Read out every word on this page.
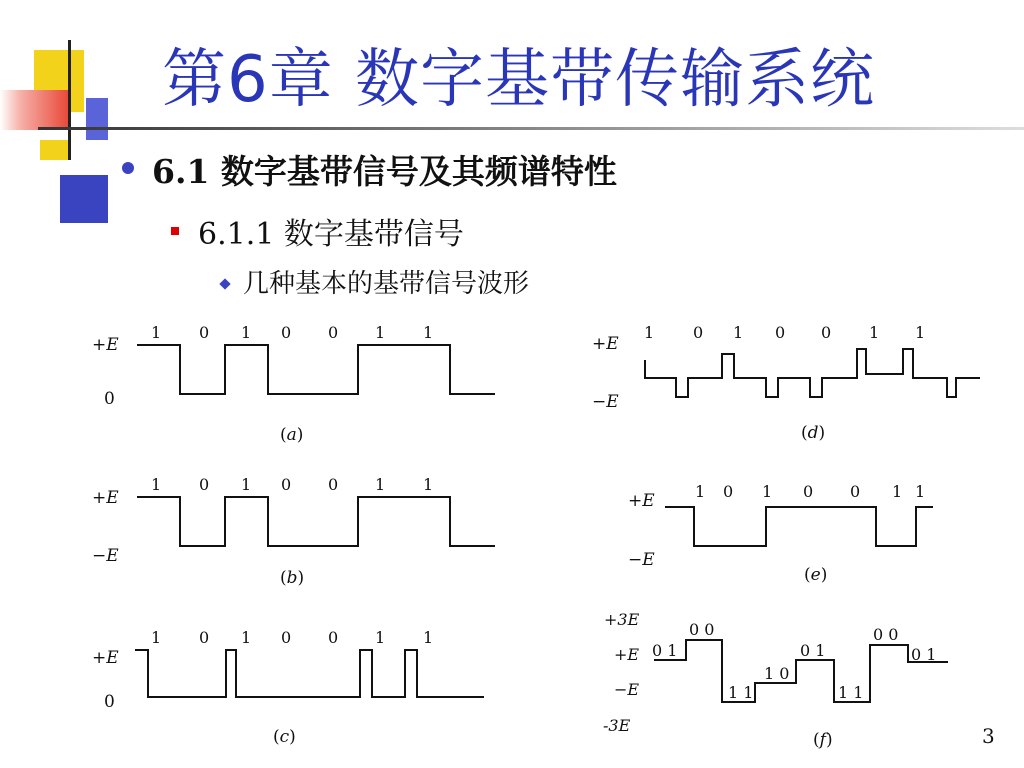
第6章 数字基带传输系统
6.1 数字基带信号及其频谱特性
6.1.1 数字基带信号
几种基本的基带信号波形
+E
0
+E
−E
+E
0
+E
−E
+E
−E
+3E
+E
−E
-3E
1 0 1 0 0 1 1
1 0 1 0 0 1 1
1 0 1 0 0 1 1
1 0 1 0 0 1 1
1 0 1 0 0 1 1
0 1
0 0
1 1
1 0
0 1
1 1
0 0
0 1
(a)
(b)
(c)
(d)
(e)
(f)	3
